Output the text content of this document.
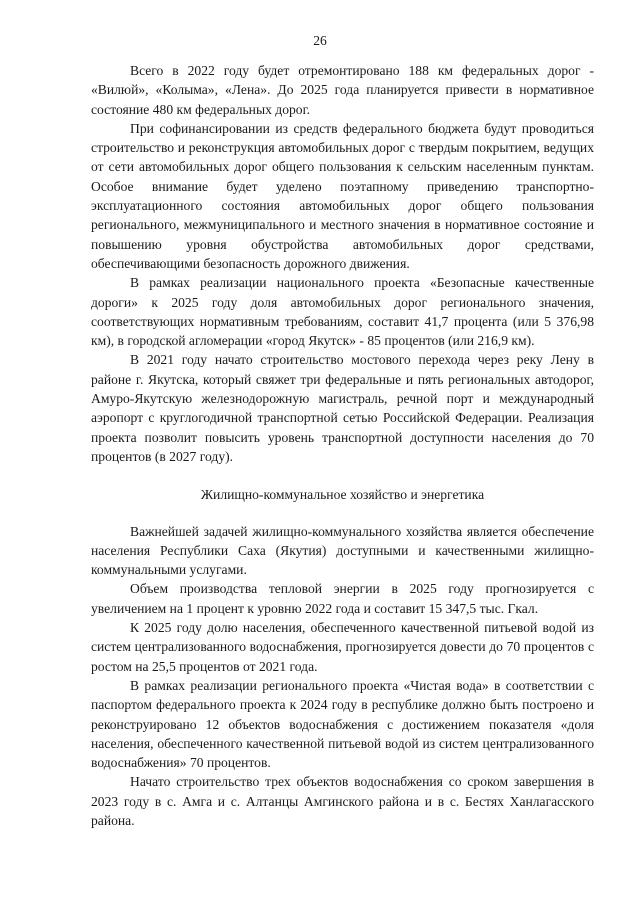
26

Всего в 2022 году будет отремонтировано 188 км федеральных дорог - «Вилюй», «Колыма», «Лена». До 2025 года планируется привести в нормативное состояние 480 км федеральных дорог.

При софинансировании из средств федерального бюджета будут проводиться строительство и реконструкция автомобильных дорог с твердым покрытием, ведущих от сети автомобильных дорог общего пользования к сельским населенным пунктам. Особое внимание будет уделено поэтапному приведению транспортно-эксплуатационного состояния автомобильных дорог общего пользования регионального, межмуниципального и местного значения в нормативное состояние и повышению уровня обустройства автомобильных дорог средствами, обеспечивающими безопасность дорожного движения.

В рамках реализации национального проекта «Безопасные качественные дороги» к 2025 году доля автомобильных дорог регионального значения, соответствующих нормативным требованиям, составит 41,7 процента (или 5 376,98 км), в городской агломерации «город Якутск» - 85 процентов (или 216,9 км).

В 2021 году начато строительство мостового перехода через реку Лену в районе г. Якутска, который свяжет три федеральные и пять региональных автодорог, Амуро-Якутскую железнодорожную магистраль, речной порт и международный аэропорт с круглогодичной транспортной сетью Российской Федерации. Реализация проекта позволит повысить уровень транспортной доступности населения до 70 процентов (в 2027 году).

Жилищно-коммунальное хозяйство и энергетика

Важнейшей задачей жилищно-коммунального хозяйства является обеспечение населения Республики Саха (Якутия) доступными и качественными жилищно-коммунальными услугами.

Объем производства тепловой энергии в 2025 году прогнозируется с увеличением на 1 процент к уровню 2022 года и составит 15 347,5 тыс. Гкал.

К 2025 году долю населения, обеспеченного качественной питьевой водой из систем централизованного водоснабжения, прогнозируется довести до 70 процентов с ростом на 25,5 процентов от 2021 года.

В рамках реализации регионального проекта «Чистая вода» в соответствии с паспортом федерального проекта к 2024 году в республике должно быть построено и реконструировано 12 объектов водоснабжения с достижением показателя «доля населения, обеспеченного качественной питьевой водой из систем централизованного водоснабжения» 70 процентов.

Начато строительство трех объектов водоснабжения со сроком завершения в 2023 году в с. Амга и с. Алтанцы Амгинского района и в с. Бестях Ханлагасского района.
